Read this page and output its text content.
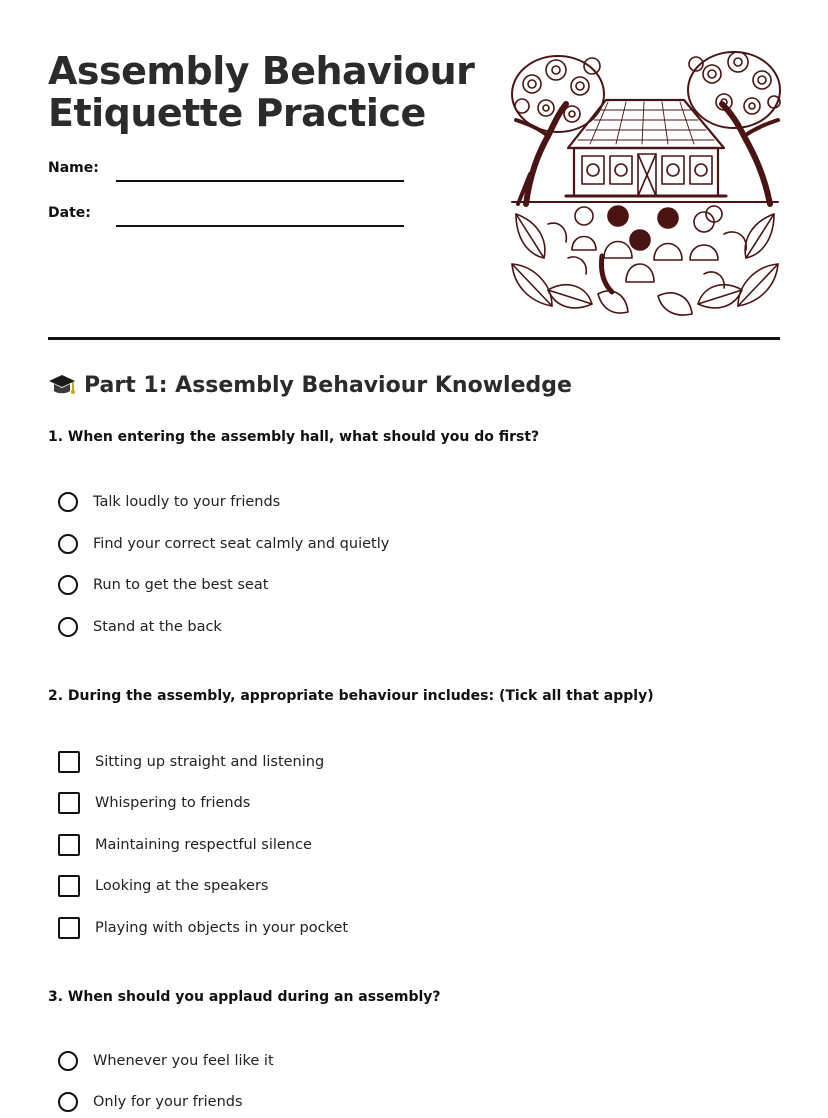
Assembly Behaviour
Etiquette Practice
Name:
Date:
Part 1: Assembly Behaviour Knowledge

1. When entering the assembly hall, what should you do first?

Talk loudly to your friends
Find your correct seat calmly and quietly
Run to get the best seat
Stand at the back

2. During the assembly, appropriate behaviour includes: (Tick all that apply)

Sitting up straight and listening
Whispering to friends
Maintaining respectful silence
Looking at the speakers
Playing with objects in your pocket

3. When should you applaud during an assembly?

Whenever you feel like it
Only for your friends
